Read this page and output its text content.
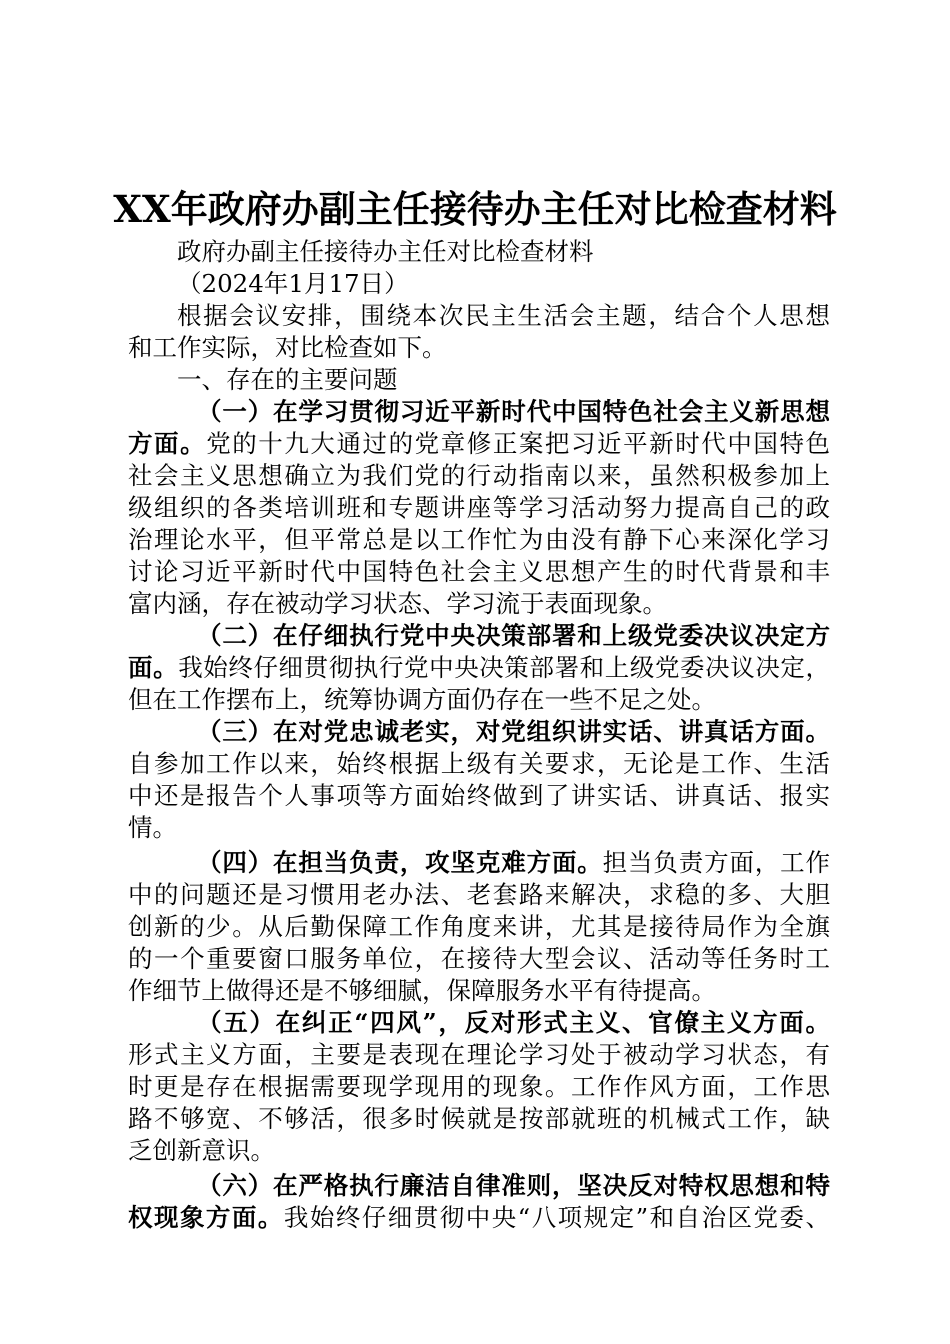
XX年政府办副主任接待办主任对比检查材料
政府办副主任接待办主任对比检查材料
（2024年1月17日）
根据会议安排，围绕本次民主生活会主题，结合个人思想
和工作实际，对比检查如下。
一、存在的主要问题
（一）在学习贯彻习近平新时代中国特色社会主义新思想
方面。党的十九大通过的党章修正案把习近平新时代中国特色
社会主义思想确立为我们党的行动指南以来，虽然积极参加上
级组织的各类培训班和专题讲座等学习活动努力提高自己的政
治理论水平，但平常总是以工作忙为由没有静下心来深化学习
讨论习近平新时代中国特色社会主义思想产生的时代背景和丰
富内涵，存在被动学习状态、学习流于表面现象。
（二）在仔细执行党中央决策部署和上级党委决议决定方
面。我始终仔细贯彻执行党中央决策部署和上级党委决议决定，
但在工作摆布上，统筹协调方面仍存在一些不足之处。
（三）在对党忠诚老实，对党组织讲实话、讲真话方面。
自参加工作以来，始终根据上级有关要求，无论是工作、生活
中还是报告个人事项等方面始终做到了讲实话、讲真话、报实
情。
（四）在担当负责，攻坚克难方面。担当负责方面，工作
中的问题还是习惯用老办法、老套路来解决，求稳的多、大胆
创新的少。从后勤保障工作角度来讲，尤其是接待局作为全旗
的一个重要窗口服务单位，在接待大型会议、活动等任务时工
作细节上做得还是不够细腻，保障服务水平有待提高。
（五）在纠正“四风”，反对形式主义、官僚主义方面。
形式主义方面，主要是表现在理论学习处于被动学习状态，有
时更是存在根据需要现学现用的现象。工作作风方面，工作思
路不够宽、不够活，很多时候就是按部就班的机械式工作，缺
乏创新意识。
（六）在严格执行廉洁自律准则，坚决反对特权思想和特
权现象方面。我始终仔细贯彻中央“八项规定”和自治区党委、
